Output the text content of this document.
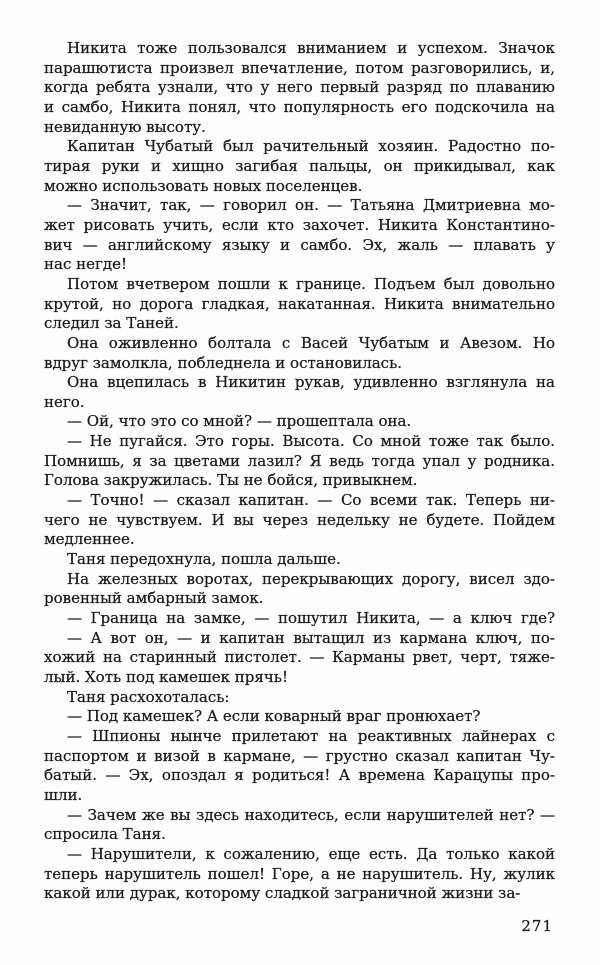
Никита тоже пользовался вниманием и успехом. Значок
парашютиста произвел впечатление, потом разговорились, и,
когда ребята узнали, что у него первый разряд по плаванию
и самбо, Никита понял, что популярность его подскочила на
невиданную высоту.
Капитан Чубатый был рачительный хозяин. Радостно по-
тирая руки и хищно загибая пальцы, он прикидывал, как
можно использовать новых поселенцев.
— Значит, так, — говорил он. — Татьяна Дмитриевна мо-
жет рисовать учить, если кто захочет. Никита Константино-
вич — английскому языку и самбо. Эх, жаль — плавать у
нас негде!
Потом вчетвером пошли к границе. Подъем был довольно
крутой, но дорога гладкая, накатанная. Никита внимательно
следил за Таней.
Она оживленно болтала с Васей Чубатым и Авезом. Но
вдруг замолкла, побледнела и остановилась.
Она вцепилась в Никитин рукав, удивленно взглянула на
него.
— Ой, что это со мной? — прошептала она.
— Не пугайся. Это горы. Высота. Со мной тоже так было.
Помнишь, я за цветами лазил? Я ведь тогда упал у родника.
Голова закружилась. Ты не бойся, привыкнем.
— Точно! — сказал капитан. — Со всеми так. Теперь ни-
чего не чувствуем. И вы через недельку не будете. Пойдем
медленнее.
Таня передохнула, пошла дальше.
На железных воротах, перекрывающих дорогу, висел здо-
ровенный амбарный замок.
— Граница на замке, — пошутил Никита, — а ключ где?
— А вот он, — и капитан вытащил из кармана ключ, по-
хожий на старинный пистолет. — Карманы рвет, черт, тяже-
лый. Хоть под камешек прячь!
Таня расхохоталась:
— Под камешек? А если коварный враг пронюхает?
— Шпионы нынче прилетают на реактивных лайнерах с
паспортом и визой в кармане, — грустно сказал капитан Чу-
батый. — Эх, опоздал я родиться! А времена Карацупы про-
шли.
— Зачем же вы здесь находитесь, если нарушителей нет? —
спросила Таня.
— Нарушители, к сожалению, еще есть. Да только какой
теперь нарушитель пошел! Горе, а не нарушитель. Ну, жулик
какой или дурак, которому сладкой заграничной жизни за-
271
